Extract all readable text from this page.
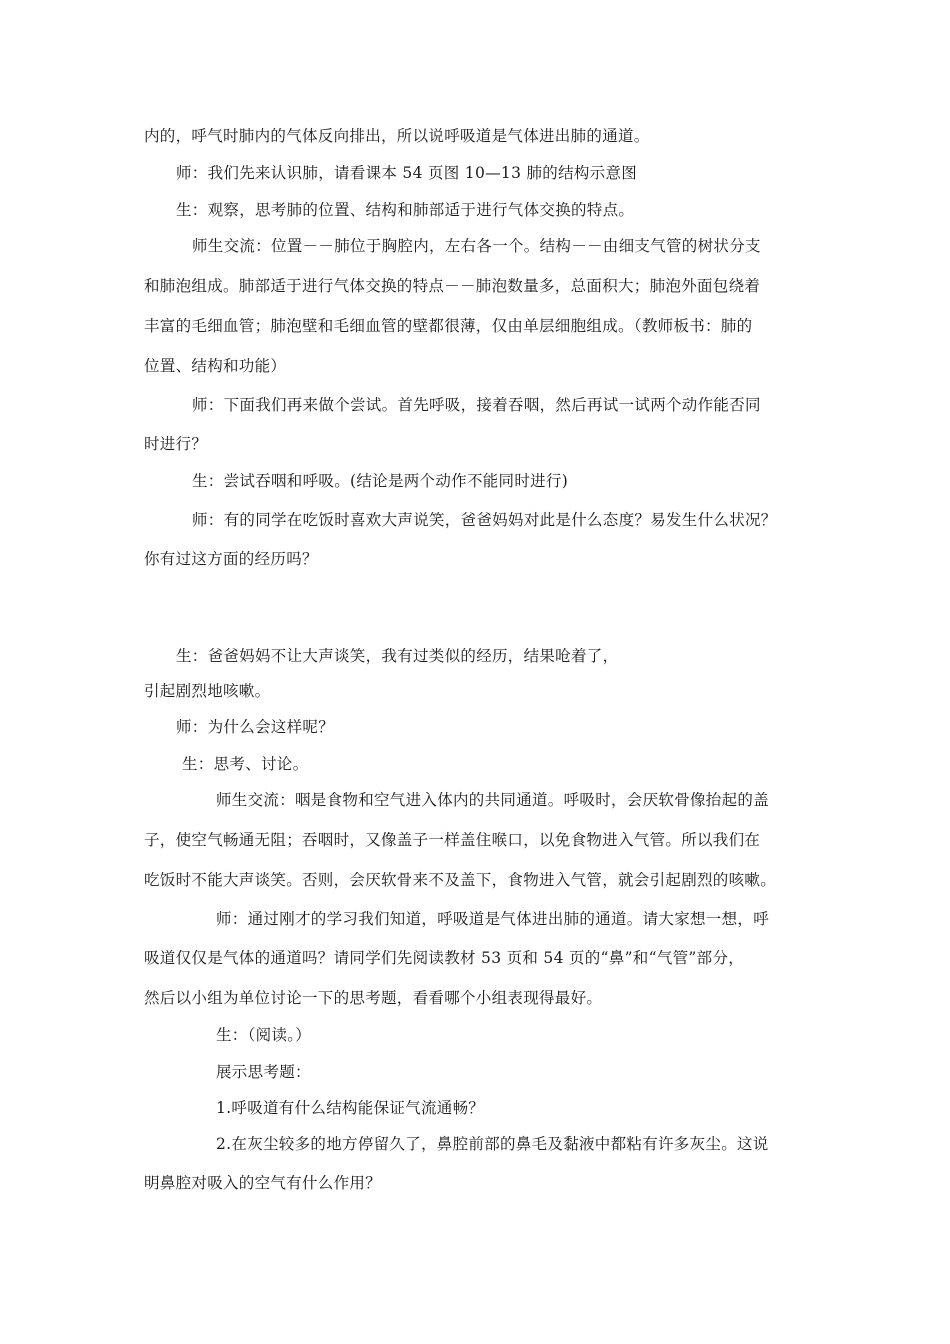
内的，呼气时肺内的气体反向排出，所以说呼吸道是气体进出肺的通道。
师：我们先来认识肺，请看课本 54 页图 10—13 肺的结构示意图
生：观察，思考肺的位置、结构和肺部适于进行气体交换的特点。
师生交流：位置－－肺位于胸腔内，左右各一个。结构－－由细支气管的树状分支
和肺泡组成。肺部适于进行气体交换的特点－－肺泡数量多，总面积大；肺泡外面包绕着
丰富的毛细血管；肺泡壁和毛细血管的壁都很薄，仅由单层细胞组成。（教师板书：肺的
位置、结构和功能）
师：下面我们再来做个尝试。首先呼吸，接着吞咽，然后再试一试两个动作能否同
时进行？
生：尝试吞咽和呼吸。(结论是两个动作不能同时进行)
师：有的同学在吃饭时喜欢大声说笑，爸爸妈妈对此是什么态度？易发生什么状况？
你有过这方面的经历吗？
生：爸爸妈妈不让大声谈笑，我有过类似的经历，结果呛着了，
引起剧烈地咳嗽。
师：为什么会这样呢？
生：思考、讨论。
师生交流：咽是食物和空气进入体内的共同通道。呼吸时，会厌软骨像抬起的盖
子，使空气畅通无阻；吞咽时，又像盖子一样盖住喉口，以免食物进入气管。所以我们在
吃饭时不能大声谈笑。否则，会厌软骨来不及盖下，食物进入气管，就会引起剧烈的咳嗽。
师：通过刚才的学习我们知道，呼吸道是气体进出肺的通道。请大家想一想，呼
吸道仅仅是气体的通道吗？请同学们先阅读教材 53 页和 54 页的“鼻”和“气管”部分，
然后以小组为单位讨论一下的思考题，看看哪个小组表现得最好。
生：（阅读。）
展示思考题：
1.呼吸道有什么结构能保证气流通畅？
2.在灰尘较多的地方停留久了，鼻腔前部的鼻毛及黏液中都粘有许多灰尘。这说
明鼻腔对吸入的空气有什么作用？
